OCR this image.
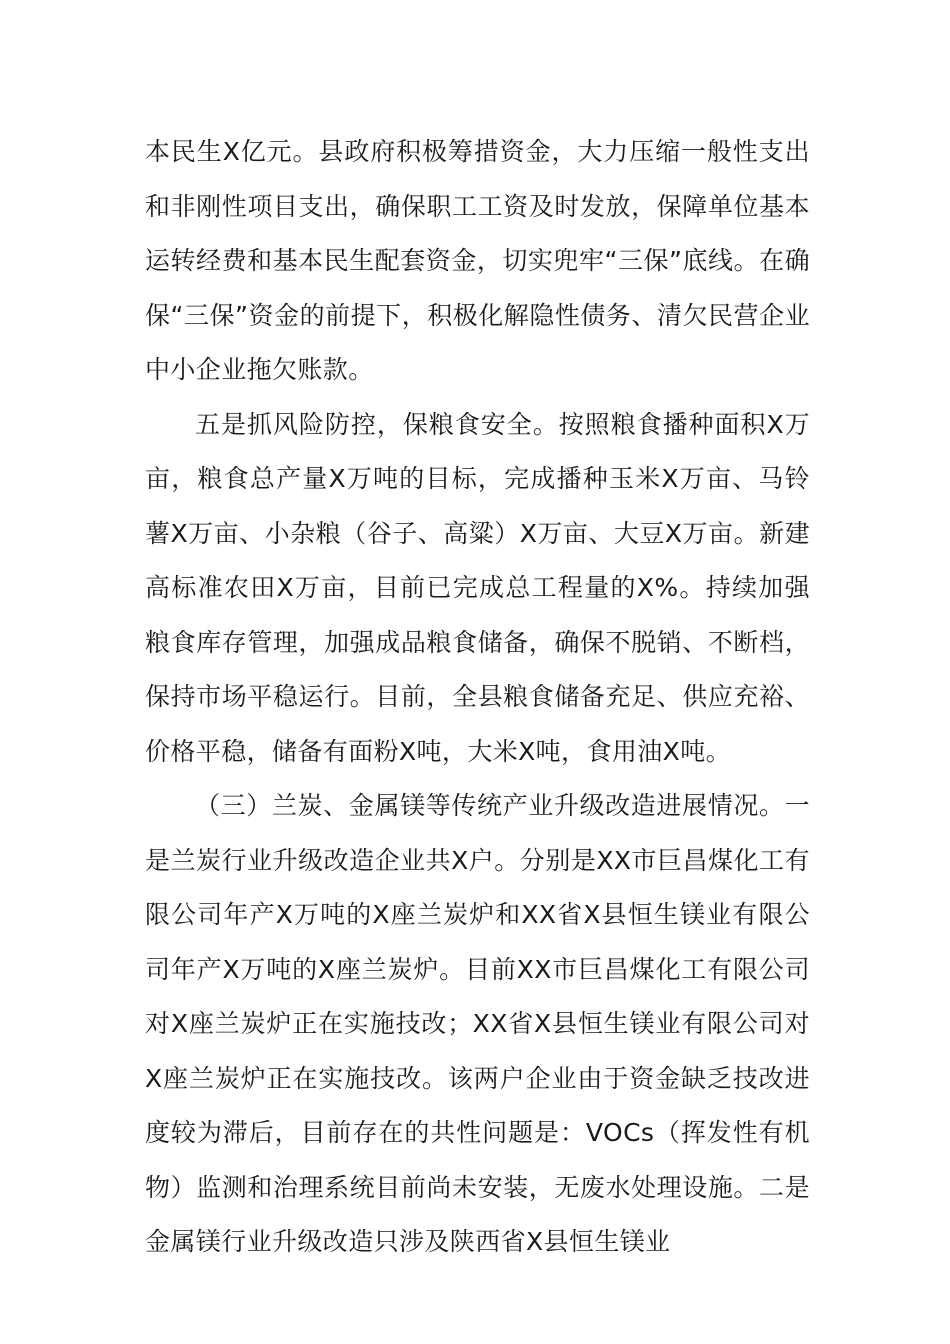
本民生X亿元。县政府积极筹措资金，大力压缩一般性支出和非刚性项目支出，确保职工工资及时发放，保障单位基本运转经费和基本民生配套资金，切实兜牢“三保”底线。在确保“三保”资金的前提下，积极化解隐性债务、清欠民营企业中小企业拖欠账款。

五是抓风险防控，保粮食安全。按照粮食播种面积X万亩，粮食总产量X万吨的目标，完成播种玉米X万亩、马铃薯X万亩、小杂粮（谷子、高粱）X万亩、大豆X万亩。新建高标准农田X万亩，目前已完成总工程量的X%。持续加强粮食库存管理，加强成品粮食储备，确保不脱销、不断档，保持市场平稳运行。目前，全县粮食储备充足、供应充裕、价格平稳，储备有面粉X吨，大米X吨，食用油X吨。

（三）兰炭、金属镁等传统产业升级改造进展情况。一是兰炭行业升级改造企业共X户。分别是XX市巨昌煤化工有限公司年产X万吨的X座兰炭炉和XX省X县恒生镁业有限公司年产X万吨的X座兰炭炉。目前XX市巨昌煤化工有限公司对X座兰炭炉正在实施技改；XX省X县恒生镁业有限公司对X座兰炭炉正在实施技改。该两户企业由于资金缺乏技改进度较为滞后，目前存在的共性问题是：VOCs（挥发性有机物）监测和治理系统目前尚未安装，无废水处理设施。二是金属镁行业升级改造只涉及陕西省X县恒生镁业
